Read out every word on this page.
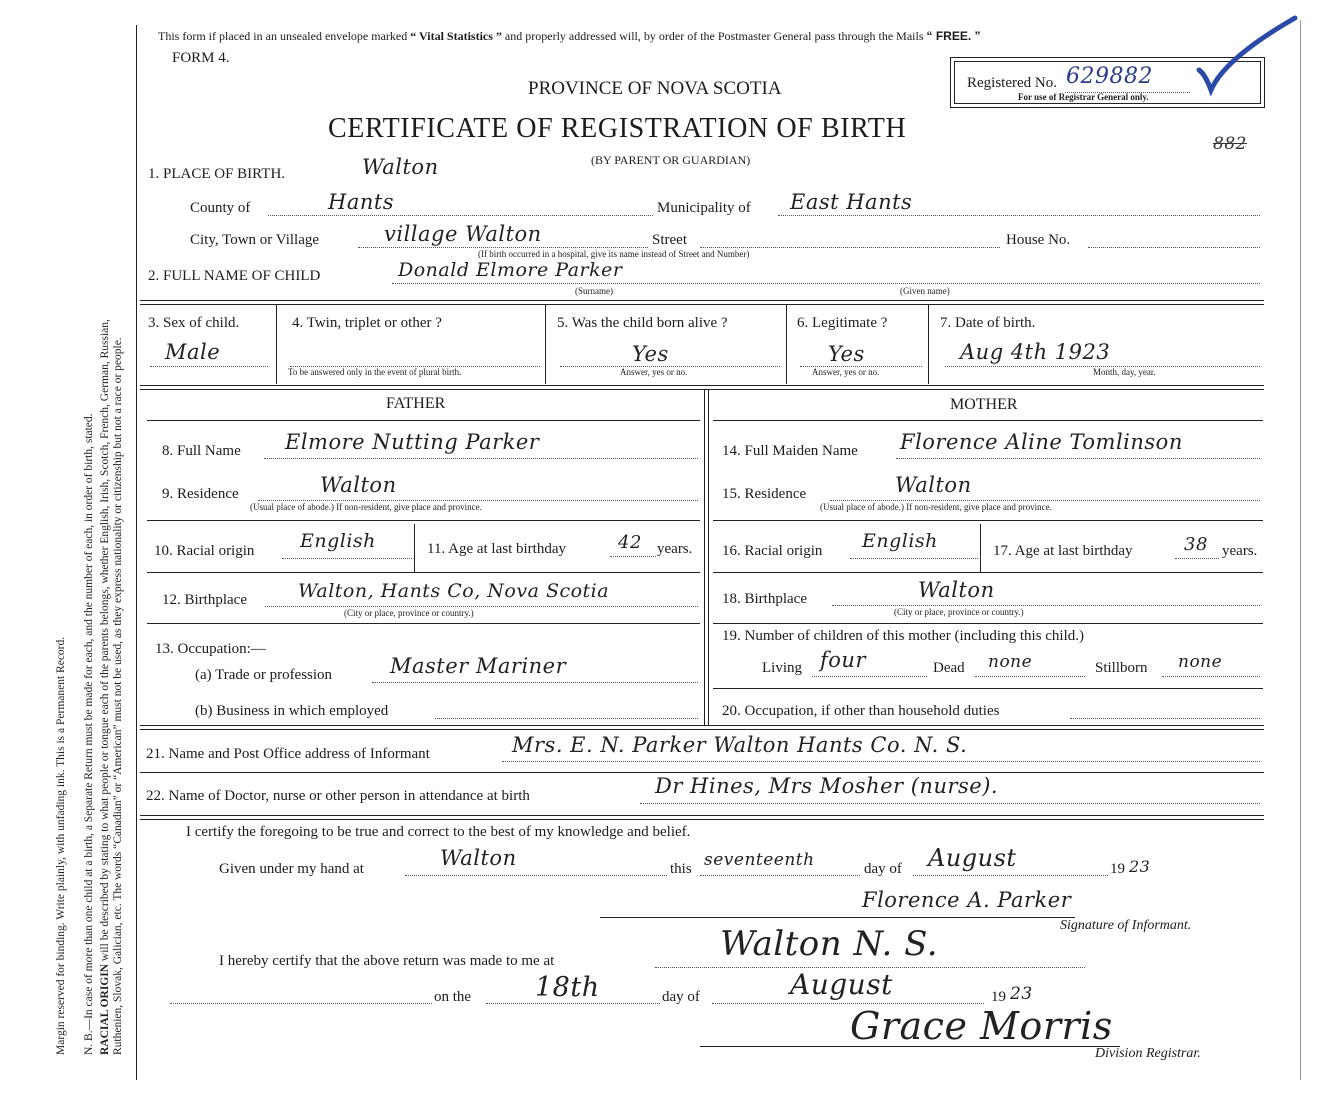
Margin reserved for binding. Write plainly, with unfading ink. This is a Permanent Record. N. B.—In case of more than one child at a birth, a Separate Return must be made for each, and the number of each, in order of birth, stated. RACIAL ORIGIN will be described by stating to what people or tongue each of the parents belongs, whether English, Irish, Scotch, French, German, Russian, Ruthenien, Slovak, Galician, etc. The words “Canadian” or “American” must not be used, as they express nationality or citizenship but not a race or people.
This form if placed in an unsealed envelope marked “ Vital Statistics ” and properly addressed will, by order of the Postmaster General pass through the Mails “ FREE. ”
FORM 4.
PROVINCE OF NOVA SCOTIA
CERTIFICATE OF REGISTRATION OF BIRTH
(BY PARENT OR GUARDIAN)
Registered No. 629882
For use of Registrar General only.
882
1. PLACE OF BIRTH.	Walton
County of	Hants	Municipality of East Hants
City, Town or Village	village Walton	Street	House No.
(If birth occurred in a hospital, give its name instead of Street and Number)
2. FULL NAME OF CHILD	Donald Elmore Parker
(Surname)	(Given name)
3. Sex of child.
Male
4. Twin, triplet or other ?
To be answered only in the event of plural birth.
5. Was the child born alive ?
Yes
Answer, yes or no.
6. Legitimate ?
Yes
Answer, yes or no.
7. Date of birth.
Aug 4th 1923
Month, day, year.
FATHER	MOTHER
8. Full Name Elmore Nutting Parker	14. Full Maiden Name Florence Aline Tomlinson
9. Residence	Walton
(Usual place of abode.) If non-resident, give place and province.
15. Residence	Walton
(Usual place of abode.) If non-resident, give place and province.
10. Racial origin English	11. Age at last birthday	42 years. 16. Racial origin English	17. Age at last birthday	38 years.
12. Birthplace	Walton, Hants Co, Nova Scotia
(City or place, province or country.)
18. Birthplace	Walton
(City or place, province or country.)
13. Occupation:—
(a) Trade or profession	Master Mariner
(b) Business in which employed
19. Number of children of this mother (including this child.)
Living four	Dead none	Stillborn none
20. Occupation, if other than household duties
21. Name and Post Office address of Informant	Mrs. E. N. Parker Walton Hants Co. N. S.
22. Name of Doctor, nurse or other person in attendance at birth	Dr Hines, Mrs Mosher (nurse).
I certify the foregoing to be true and correct to the best of my knowledge and belief.
Given under my hand at	Walton	this seventeenth	day of August	19 23
Florence A. Parker
Signature of Informant.
I hereby certify that the above return was made to me at	Walton N. S.
on the 18th	day of	August	19 23
Grace Morris
Division Registrar.
